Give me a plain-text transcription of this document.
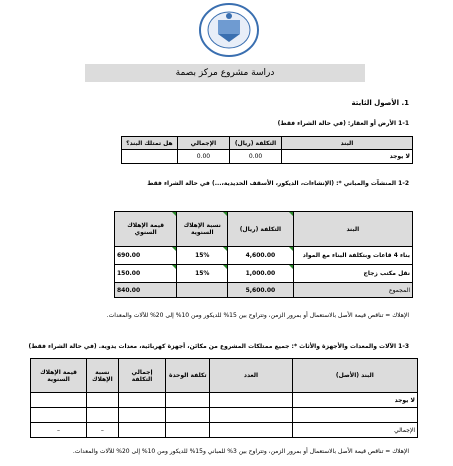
دراسة مشروع مركز بصمة
1. الأصول الثابتة
1-1 الأرض أو العقار: (في حالة الشراء فقط)
البند	التكلفة (ريال)	الإجمالي	هل تمتلك البند؟
لا يوجد	0.00	0.00	
1-2 المنشآت والمباني *: (الإنشاءات، الديكور، الأسقف الحديدية،...) في حالة الشراء فقط
البند	التكلفة (ريال)	نسبة الإهلاك السنوية	قيمة الإهلاك السنوي
بناء 4 قاعات وبتكلفة البناء مع المواد	4,600.00	15%	690.00
نقل مكتب زجاج	1,000.00	15%	150.00
المجموع	5,600.00		840.00
الإهلاك = تناقص قيمة الأصل بالاستعمال أو بمرور الزمن، وتتراوح بين 15% للديكور ومن 10% إلى 20% للآلات والمعدات.
1-3 الآلات والمعدات والأجهزة والأثاث *: جميع ممتلكات المشروع من مكائن، أجهزة كهربائية، معدات يدوية. (في حالة الشراء فقط)
البند (الأصل)	العدد	تكلفة الوحدة	إجمالي التكلفة	نسبة الإهلاك	قيمة الإهلاك السنوية
لا يوجد					

الإجمالي				–	–
الإهلاك = تناقص قيمة الأصل بالاستعمال أو بمرور الزمن، وتتراوح بين 3% للمباني و15% للديكور ومن 10% إلى 20% للآلات والمعدات.
